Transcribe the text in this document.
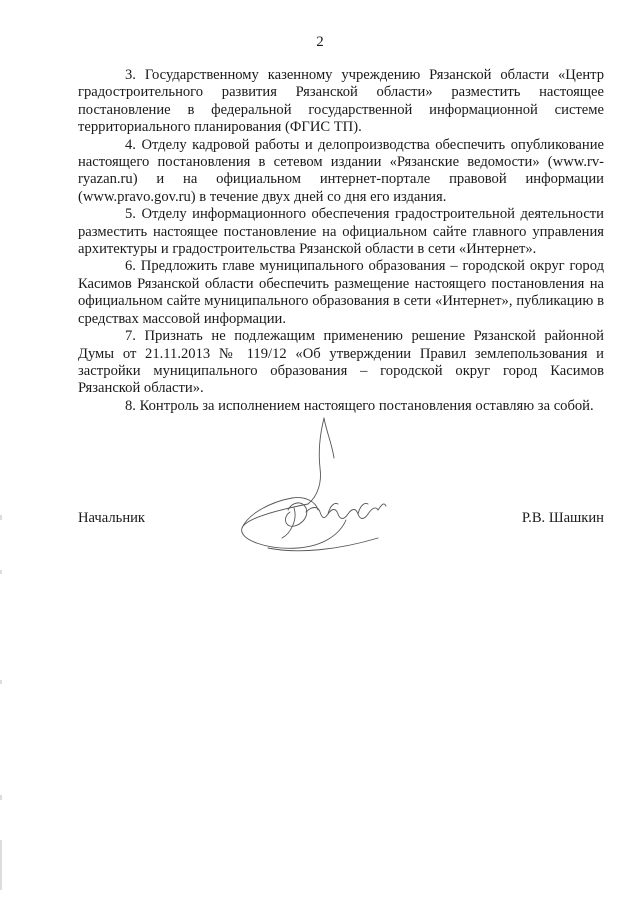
2

3. Государственному казенному учреждению Рязанской области «Центр градостроительного развития Рязанской области» разместить настоящее постановление в федеральной государственной информационной системе территориального планирования (ФГИС ТП).

4. Отделу кадровой работы и делопроизводства обеспечить опубликование настоящего постановления в сетевом издании «Рязанские ведомости» (www.rv-ryazan.ru) и на официальном интернет-портале правовой информации (www.pravo.gov.ru) в течение двух дней со дня его издания.

5. Отделу информационного обеспечения градостроительной деятельности разместить настоящее постановление на официальном сайте главного управления архитектуры и градостроительства Рязанской области в сети «Интернет».

6. Предложить главе муниципального образования – городской округ город Касимов Рязанской области обеспечить размещение настоящего постановления на официальном сайте муниципального образования в сети «Интернет», публикацию в средствах массовой информации.

7. Признать не подлежащим применению решение Рязанской районной Думы от 21.11.2013 № 119/12 «Об утверждении Правил землепользования и застройки муниципального образования – городской округ город Касимов Рязанской области».

8. Контроль за исполнением настоящего постановления оставляю за собой.

Начальник	Р.В. Шашкин
